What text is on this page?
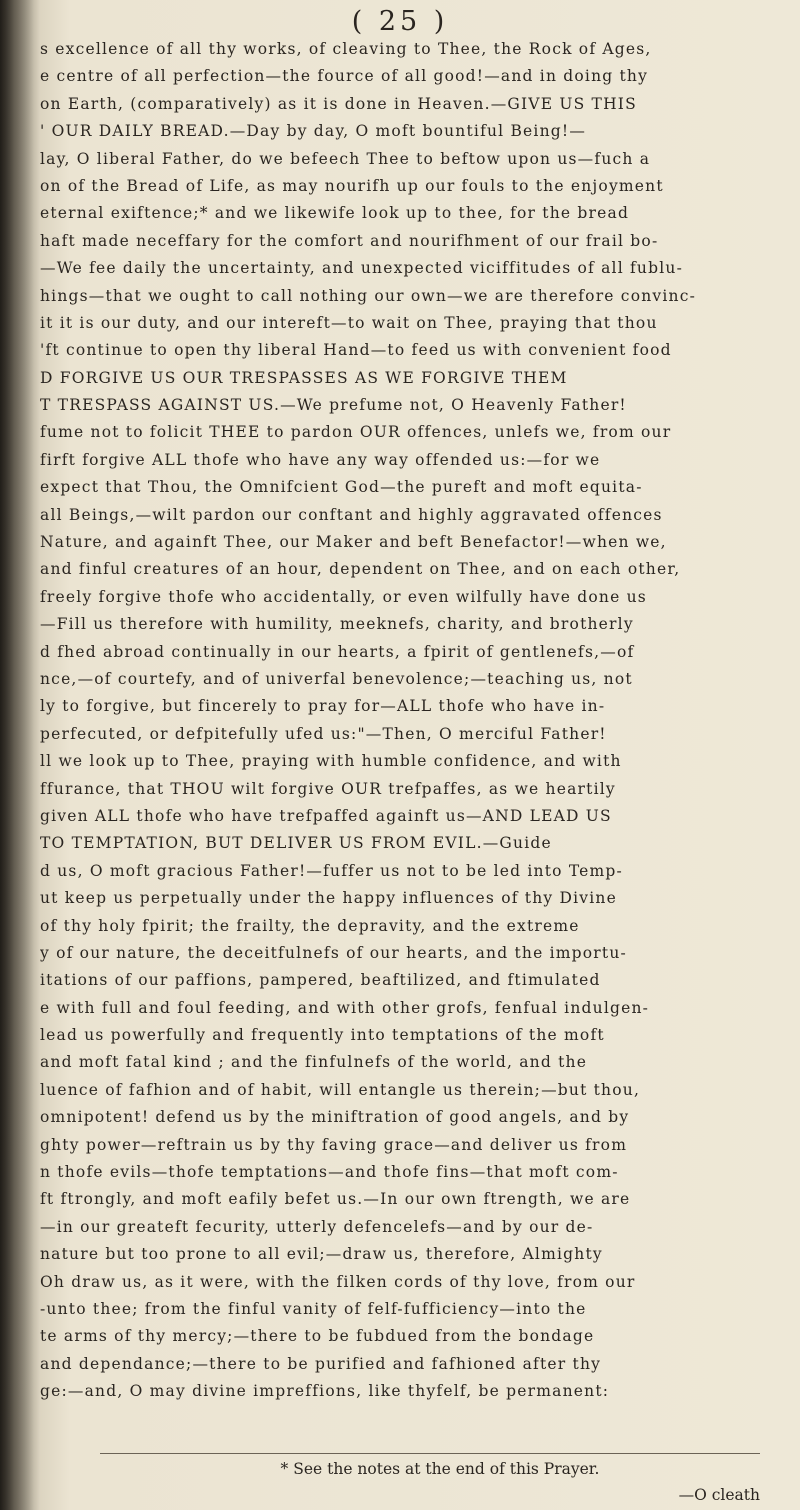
( 25 )
s excellence of all thy works, of cleaving to Thee, the Rock of Ages,
e centre of all perfection—the fource of all good!—and in doing thy
on Earth, (comparatively) as it is done in Heaven.—GIVE US THIS
' OUR DAILY BREAD.—Day by day, O moft bountiful Being!—
lay, O liberal Father, do we befeech Thee to beftow upon us—fuch a
on of the Bread of Life, as may nourifh up our fouls to the enjoyment
eternal exiftence;* and we likewife look up to thee, for the bread
haft made neceffary for the comfort and nourifhment of our frail bo-
—We fee daily the uncertainty, and unexpected viciffitudes of all fublu-
hings—that we ought to call nothing our own—we are therefore convinc-
it it is our duty, and our intereft—to wait on Thee, praying that thou
'ft continue to open thy liberal Hand—to feed us with convenient food
D FORGIVE US OUR TRESPASSES AS WE FORGIVE THEM
T TRESPASS AGAINST US.—We prefume not, O Heavenly Father!
fume not to folicit THEE to pardon OUR offences, unlefs we, from our
firft forgive ALL thofe who have any way offended us:—for we
expect that Thou, the Omnifcient God—the pureft and moft equita-
all Beings,—wilt pardon our conftant and highly aggravated offences
Nature, and againft Thee, our Maker and beft Benefactor!—when we,
and finful creatures of an hour, dependent on Thee, and on each other,
freely forgive thofe who accidentally, or even wilfully have done us
—Fill us therefore with humility, meeknefs, charity, and brotherly
d fhed abroad continually in our hearts, a fpirit of gentlenefs,—of
nce,—of courtefy, and of univerfal benevolence;—teaching us, not
ly to forgive, but fincerely to pray for—ALL thofe who have in-
perfecuted, or defpitefully ufed us:"—Then, O merciful Father!
ll we look up to Thee, praying with humble confidence, and with
ffurance, that THOU wilt forgive OUR trefpaffes, as we heartily
given ALL thofe who have trefpaffed againft us—AND LEAD US
TO TEMPTATION, BUT DELIVER US FROM EVIL.—Guide
d us, O moft gracious Father!—fuffer us not to be led into Temp-
ut keep us perpetually under the happy influences of thy Divine
of thy holy fpirit; the frailty, the depravity, and the extreme
y of our nature, the deceitfulnefs of our hearts, and the importu-
itations of our paffions, pampered, beaftilized, and ftimulated
e with full and foul feeding, and with other grofs, fenfual indulgen-
lead us powerfully and frequently into temptations of the moft
and moft fatal kind ; and the finfulnefs of the world, and the
luence of fafhion and of habit, will entangle us therein;—but thou,
omnipotent! defend us by the miniftration of good angels, and by
ghty power—reftrain us by thy faving grace—and deliver us from
n thofe evils—thofe temptations—and thofe fins—that moft com-
ft ftrongly, and moft eafily befet us.—In our own ftrength, we are
—in our greateft fecurity, utterly defencelefs—and by our de-
nature but too prone to all evil;—draw us, therefore, Almighty
Oh draw us, as it were, with the filken cords of thy love, from our
-unto thee; from the finful vanity of felf-fufficiency—into the
te arms of thy mercy;—there to be fubdued from the bondage
and dependance;—there to be purified and fafhioned after thy
ge:—and, O may divine impreffions, like thyfelf, be permanent:
* See the notes at the end of this Prayer.
—O cleath
